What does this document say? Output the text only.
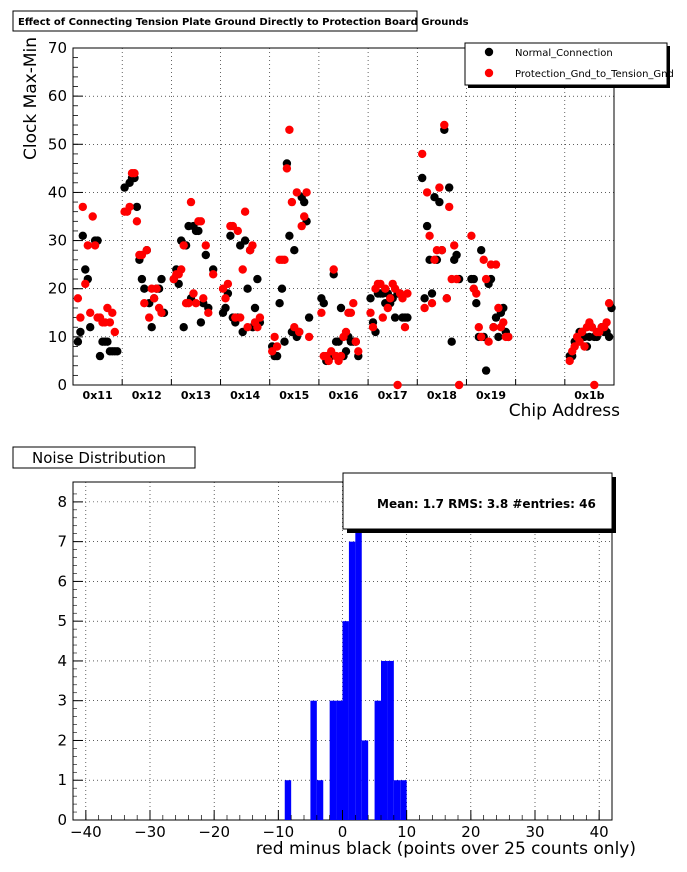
Effect of Connecting Tension Plate Ground Directly to Protection Board Grounds
0
10
20
30
40
50
60
70
0x11 0x12 0x13 0x14 0x15 0x16 0x17 0x18 0x19	0x1b
Clock Max-Min
Chip Address
Normal_Connection
Protection_Gnd_to_Tension_Gnd
Noise Distribution
0
1
2
3
4
5
6
7
8
−40 −30 −20 −10	0	10	20	30	40
red minus black (points over 25 counts only)
Mean: 1.7 RMS: 3.8 #entries: 46
